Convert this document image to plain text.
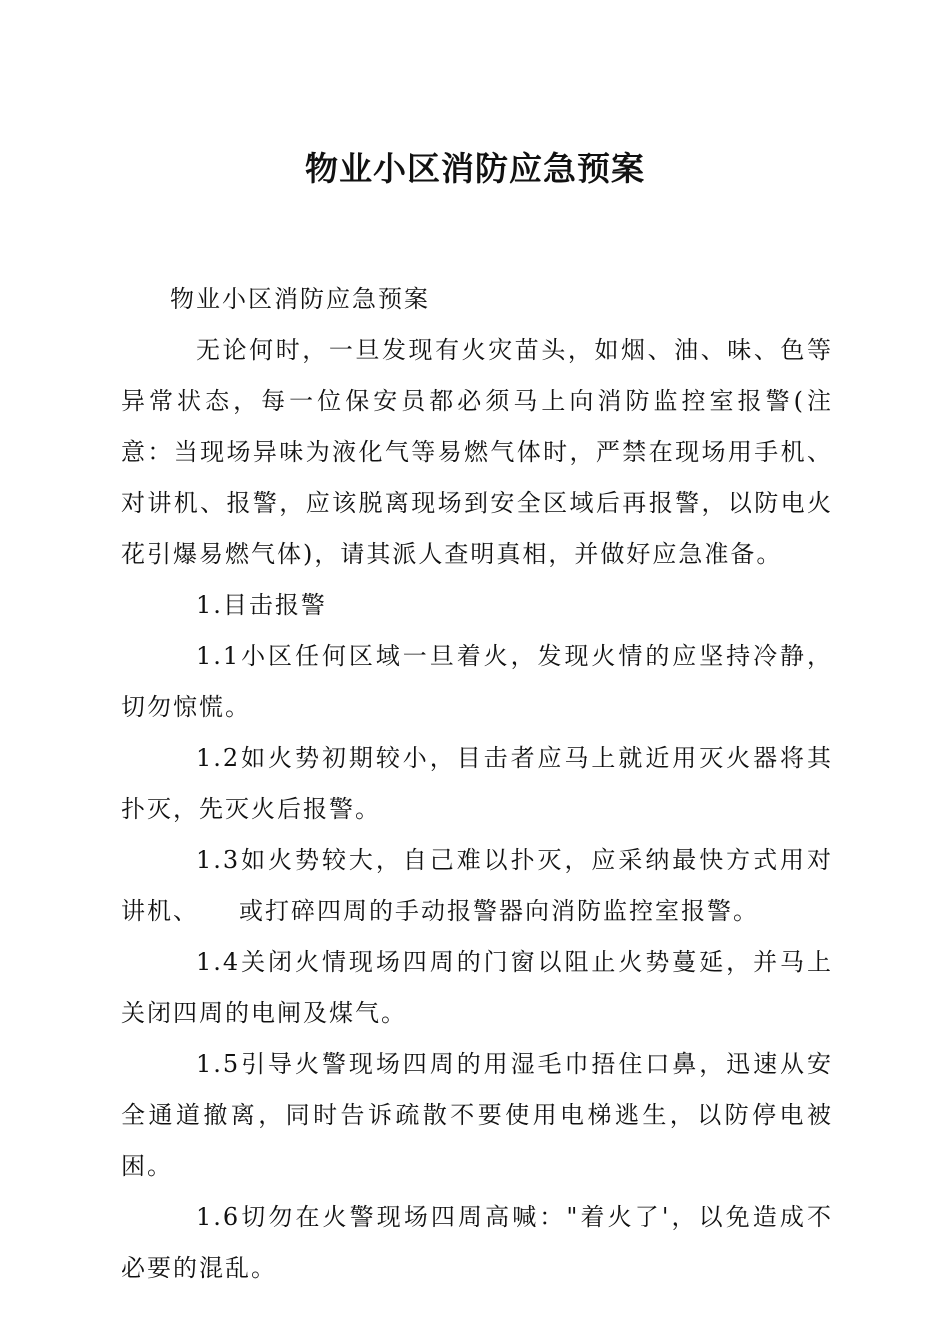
物业小区消防应急预案

物业小区消防应急预案

无论何时，一旦发现有火灾苗头，如烟、油、味、色等异常状态，每一位保安员都必须马上向消防监控室报警(注意：当现场异味为液化气等易燃气体时，严禁在现场用手机、对讲机、报警，应该脱离现场到安全区域后再报警，以防电火花引爆易燃气体)，请其派人查明真相，并做好应急准备。

1.目击报警

1.1小区任何区域一旦着火，发现火情的应坚持冷静，切勿惊慌。

1.2如火势初期较小，目击者应马上就近用灭火器将其扑灭，先灭火后报警。

1.3如火势较大，自己难以扑灭，应采纳最快方式用对讲机、　　或打碎四周的手动报警器向消防监控室报警。

1.4关闭火情现场四周的门窗以阻止火势蔓延，并马上关闭四周的电闸及煤气。

1.5引导火警现场四周的用湿毛巾捂住口鼻，迅速从安全通道撤离，同时告诉疏散不要使用电梯逃生，以防停电被困。

1.6切勿在火警现场四周高喊："着火了'，以免造成不必要的混乱。
